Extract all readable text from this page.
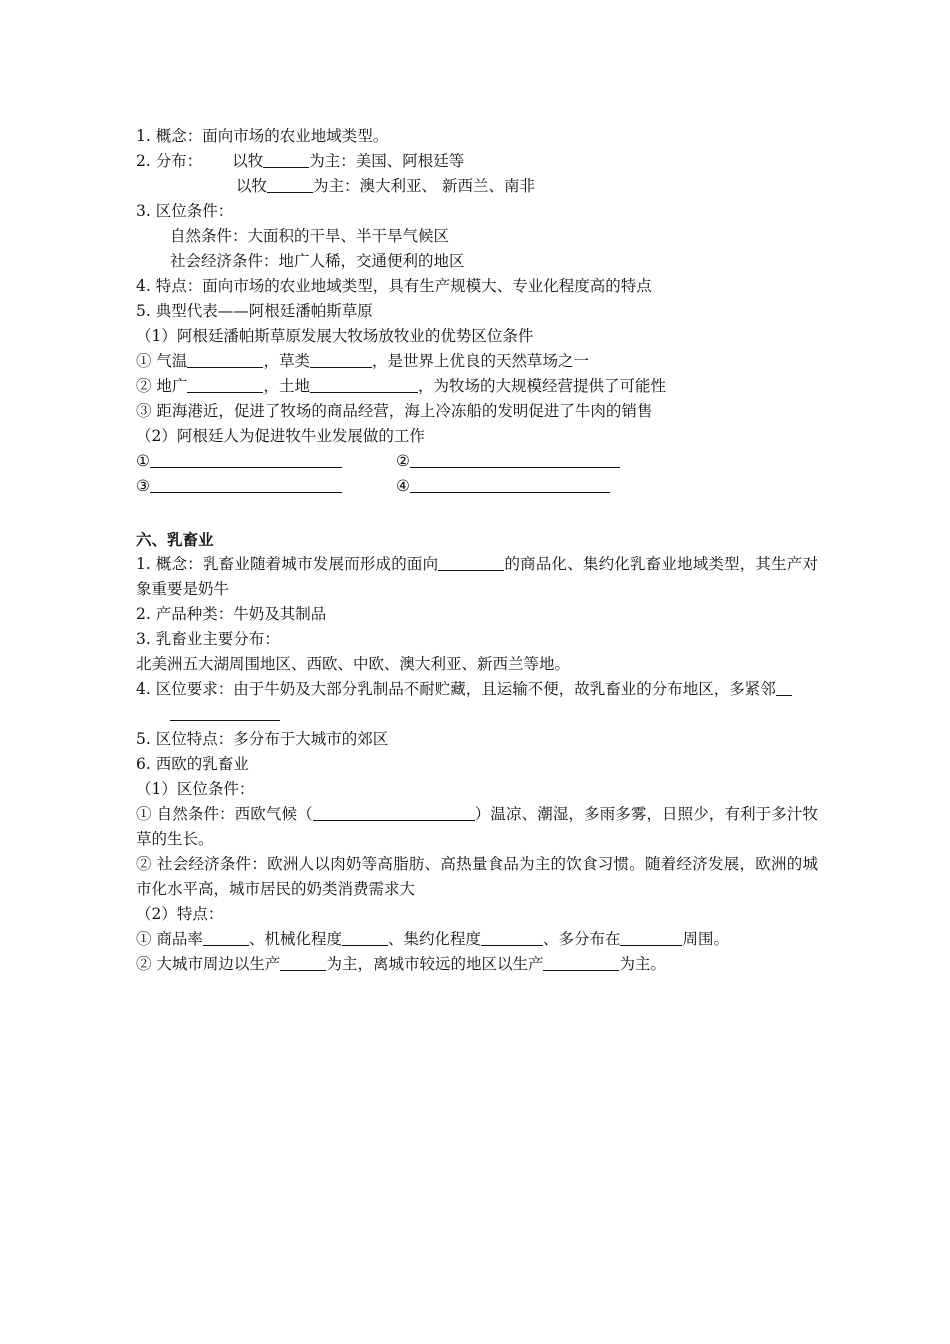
1. 概念：面向市场的农业地域类型。
2. 分布： 以牧	为主：美国、阿根廷等
以牧	为主：澳大利亚、 新西兰、南非
3. 区位条件：
自然条件：大面积的干旱、半干旱气候区
社会经济条件：地广人稀，交通便利的地区
4. 特点：面向市场的农业地域类型，具有生产规模大、专业化程度高的特点
5. 典型代表——阿根廷潘帕斯草原
（1）阿根廷潘帕斯草原发展大牧场放牧业的优势区位条件
① 气温	，草类	，是世界上优良的天然草场之一
② 地广	，土地	，为牧场的大规模经营提供了可能性
③ 距海港近，促进了牧场的商品经营，海上冷冻船的发明促进了牛肉的销售
（2）阿根廷人为促进牧牛业发展做的工作
①	②
③	④
六、乳畜业
1. 概念：乳畜业随着城市发展而形成的面向	的商品化、集约化乳畜业地域类型，其生产对象重要是奶牛
2. 产品种类：牛奶及其制品
3. 乳畜业主要分布：
北美洲五大湖周围地区、西欧、中欧、澳大利亚、新西兰等地。
4. 区位要求：由于牛奶及大部分乳制品不耐贮藏，且运输不便，故乳畜业的分布地区，多紧邻
5. 区位特点：多分布于大城市的郊区
6. 西欧的乳畜业
（1）区位条件：
① 自然条件：西欧气候（	）温凉、潮湿，多雨多雾，日照少，有利于多汁牧草的生长。
② 社会经济条件：欧洲人以肉奶等高脂肪、高热量食品为主的饮食习惯。随着经济发展，欧洲的城市化水平高，城市居民的奶类消费需求大
（2）特点：
① 商品率	、机械化程度	、集约化程度	、多分布在	周围。
② 大城市周边以生产	为主，离城市较远的地区以生产	为主。
